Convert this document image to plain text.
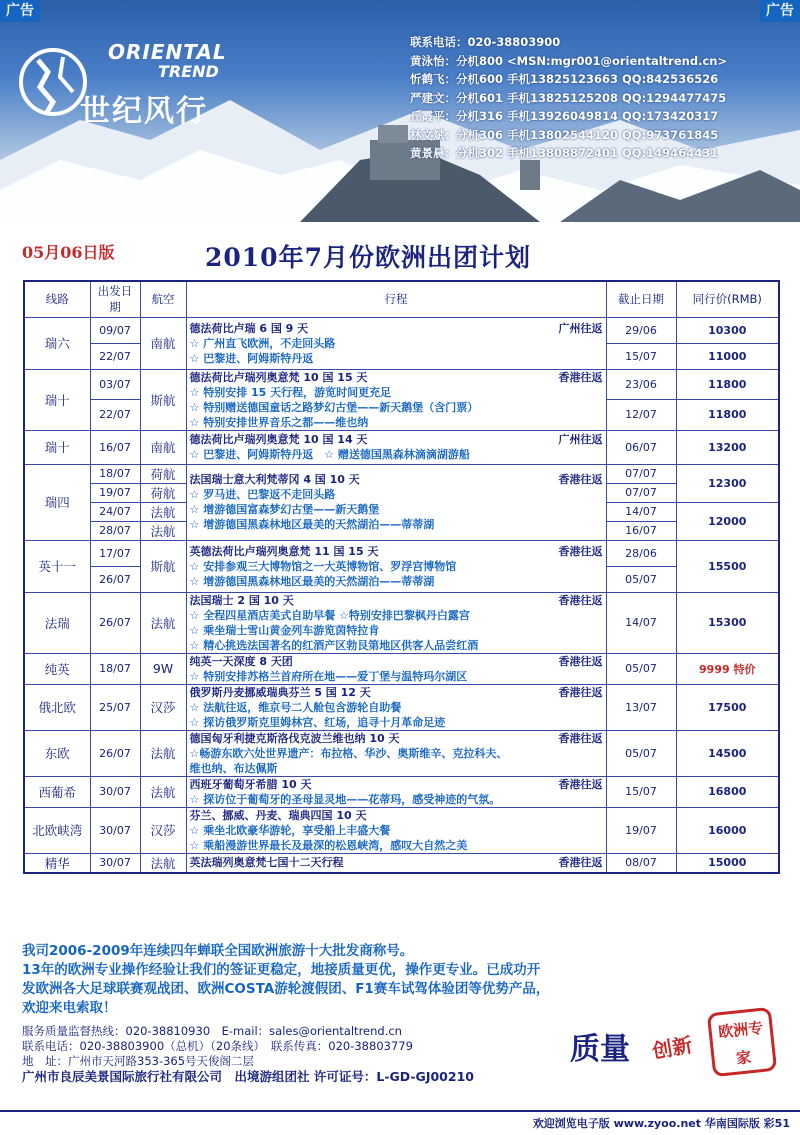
广告	广告
ORIENTAL
TREND
世纪风行
联系电话：020-38803900
黄泳怡：分机800 <MSN:mgr001@orientaltrend.cn>
忻鹤飞：分机600 手机13825123663 QQ:842536526
严建文：分机601 手机13825125208 QQ:1294477475
丘霞平：分机316 手机13926049814 QQ:173420317
林文斌：分机306 手机13802544120 QQ:973761845
黄景晨：分机302 手机13808872401 QQ:149464431
05月06日版	2010年7月份欧洲出团计划
线路	出发日期	航空	行程	截止日期	同行价(RMB)
瑞六	09/07	南航	德法荷比卢瑞 6 国 9 天 广州往返
☆ 广州直飞欧洲，不走回头路
☆ 巴黎进、阿姆斯特丹返	29/06	10300
	22/07			15/07	11000
瑞十	03/07	斯航	德法荷比卢瑞列奥意梵 10 国 15 天 香港往返
☆ 特别安排 15 天行程，游览时间更充足
☆ 特别赠送德国童话之路梦幻古堡——新天鹅堡（含门票）
☆ 特别安排世界音乐之都——维也纳	23/06	11800
	22/07			12/07	11800
瑞十	16/07	南航	德法荷比卢瑞列奥意梵 10 国 14 天 广州往返
☆ 巴黎进、阿姆斯特丹返　☆ 赠送德国黑森林滴滴湖游船	06/07	13200
瑞四	18/07	荷航	法国瑞士意大利梵蒂冈 4 国 10 天 香港往返
☆ 罗马进、巴黎返不走回头路
☆ 增游德国富森梦幻古堡——新天鹅堡
☆ 增游德国黑森林地区最美的天然湖泊——蒂蒂湖	07/07	12300
	19/07	荷航		07/07	
	24/07	法航		14/07	12000
	28/07	法航		16/07	
英十一	17/07	斯航	英德法荷比卢瑞列奥意梵 11 国 15 天 香港往返
☆ 安排参观三大博物馆之一大英博物馆、罗浮宫博物馆
☆ 增游德国黑森林地区最美的天然湖泊——蒂蒂湖	28/06	15500
	26/07			05/07	
法瑞	26/07	法航	法国瑞士 2 国 10 天 香港往返
☆ 全程四星酒店美式自助早餐 ☆特别安排巴黎枫丹白露宫
☆ 乘坐瑞士雪山黄金列车游览茵特拉肯
☆ 精心挑选法国著名的红酒产区勃艮第地区供客人品尝红酒	14/07	15300
纯英	18/07	9W	纯英一天深度 8 天团 香港往返
☆ 特别安排苏格兰首府所在地——爱丁堡与温特玛尔湖区	05/07	9999 特价
俄北欧	25/07	汉莎	俄罗斯丹麦挪威瑞典芬兰 5 国 12 天 香港往返
☆ 法航往返，维京号二人舱包含游轮自助餐
☆ 探访俄罗斯克里姆林宫、红场，追寻十月革命足迹	13/07	17500
东欧	26/07	法航	德国匈牙利捷克斯洛伐克波兰维也纳 10 天 香港往返
☆畅游东欧六处世界遗产：布拉格、华沙、奥斯维辛、克拉科夫、
维也纳、布达佩斯	05/07	14500
西葡希	30/07	法航	西班牙葡萄牙希腊 10 天 香港往返
☆ 探访位于葡萄牙的圣母显灵地——花蒂玛，感受神迹的气氛。	15/07	16800
北欧峡湾	30/07	汉莎	芬兰、挪威、丹麦、瑞典四国 10 天
☆ 乘坐北欧豪华游轮，享受船上丰盛大餐
☆ 乘船漫游世界最长及最深的松恩峡湾，感叹大自然之美	19/07	16000
精华	30/07	法航	英法瑞列奥意梵七国十二天行程 香港往返	08/07	15000
我司2006-2009年连续四年蝉联全国欧洲旅游十大批发商称号。
13年的欧洲专业操作经验让我们的签证更稳定，地接质量更优，操作更专业。已成功开
发欧洲各大足球联赛观战团、欧洲COSTA游轮渡假团、F1赛车试驾体验团等优势产品，
欢迎来电索取！
服务质量监督热线：020-38810930　E-mail：sales@orientaltrend.cn
联系电话：020-38803900（总机）（20条线）　联系传真：020-38803779
地　址：广州市天河路353-365号天俊阁二层
广州市良辰美景国际旅行社有限公司　出境游组团社 许可证号：L-GD-GJ00210
质量 创新
欧洲专家
欢迎浏览电子版 www.zyoo.net 华南国际版 彩51
